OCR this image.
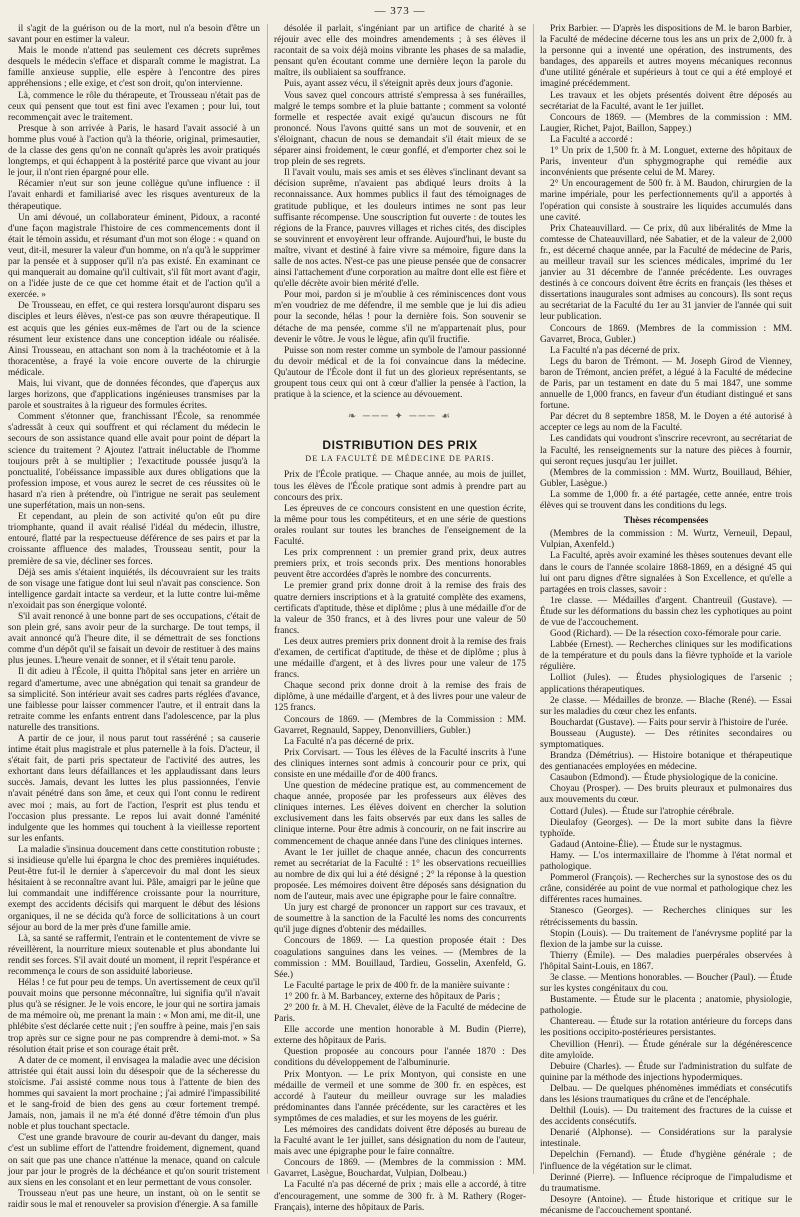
— 373 —

il s'agit de la guérison ou de la mort, nul n'a besoin d'être un savant pour en estimer la valeur.

Mais le monde n'attend pas seulement ces décrets suprêmes desquels le médecin s'efface et disparaît comme le magistrat. La famille anxieuse supplie, elle espère à l'encontre des pires appréhensions ; elle exige, et c'est son droit, qu'on intervienne.

Là, commence le rôle du thérapeute, et Trousseau n'était pas de ceux qui pensent que tout est fini avec l'examen ; pour lui, tout recommençait avec le traitement.

Presque à son arrivée à Paris, le hasard l'avait associé à un homme plus voué à l'action qu'à la théorie, original, primesautier, de la classe des gens qu'on ne connaît qu'après les avoir pratiqués longtemps, et qui échappent à la postérité parce que vivant au jour le jour, il n'ont rien épargné pour elle.

Récamier n'eut sur son jeune collègue qu'une influence : il l'avait enhardi et familiarisé avec les risques aventureux de la thérapeutique.

Un ami dévoué, un collaborateur éminent, Pidoux, a raconté d'une façon magistrale l'histoire de ces commencements dont il était le témoin assidu, et résumant d'un mot son éloge : « quand on veut, dit-il, mesurer la valeur d'un homme, on n'a qu'à le supprimer par la pensée et à supposer qu'il n'a pas existé. En examinant ce qui manquerait au domaine qu'il cultivait, s'il fût mort avant d'agir, on a l'idée juste de ce que cet homme était et de l'action qu'il a exercée. »

De Trousseau, en effet, ce qui restera lorsqu'auront disparu ses disciples et leurs élèves, n'est-ce pas son œuvre thérapeutique. Il est acquis que les génies eux-mêmes de l'art ou de la science résument leur existence dans une conception idéale ou réalisée. Ainsi Trousseau, en attachant son nom à la trachéotomie et à la thoracentèse, a frayé la voie encore ouverte de la chirurgie médicale.

Mais, lui vivant, que de données fécondes, que d'aperçus aux larges horizons, que d'applications ingénieuses transmises par la parole et soustraites à la rigueur des formules écrites.

Comment s'étonner que, franchissant l'École, sa renommée s'adressât à ceux qui souffrent et qui réclament du médecin le secours de son assistance quand elle avait pour point de départ la science du traitement ? Ajoutez l'attrait inéluctable de l'homme toujours prêt à se multiplier ; l'exactitude poussée jusqu'à la ponctualité, l'obéissance impassible aux dures obligations que la profession impose, et vous aurez le secret de ces réussites où le hasard n'a rien à prétendre, où l'intrigue ne serait pas seulement une superfétation, mais un non-sens.

Et cependant, au plein de son activité qu'on eût pu dire triomphante, quand il avait réalisé l'idéal du médecin, illustre, entouré, flatté par la respectueuse déférence de ses pairs et par la croissante affluence des malades, Trousseau sentit, pour la première de sa vie, décliner ses forces.

Déjà ses amis s'étaient inquiétés, ils découvraient sur les traits de son visage une fatigue dont lui seul n'avait pas conscience. Son intelligence gardait intacte sa verdeur, et la lutte contre lui-même n'exoidait pas son énergique volonté.

S'il avait renoncé à une bonne part de ses occupations, c'était de son plein gré, sans avoir peur de la surcharge. De tout temps, il avait annoncé qu'à l'heure dite, il se démettrait de ses fonctions comme d'un dépôt qu'il se faisait un devoir de restituer à des mains plus jeunes. L'heure venait de sonner, et il s'était tenu parole.

Il dit adieu à l'École, il quitta l'hôpital sans jeter en arrière un regard d'amertume, avec une abnégation qui tenait sa grandeur de sa simplicité. Son intérieur avait ses cadres parts réglées d'avance, une faiblesse pour laisser commencer l'autre, et il entrait dans la retraite comme les enfants entrent dans l'adolescence, par la plus naturelle des transitions.

A partir de ce jour, il nous parut tout rasséréné ; sa causerie intime était plus magistrale et plus paternelle à la fois. D'acteur, il s'était fait, de parti pris spectateur de l'activité des autres, les exhortant dans leurs défaillances et les applaudissant dans leurs succès. Jamais, devant les luttes les plus passionnées, l'envie n'avait pénétré dans son âme, et ceux qui l'ont connu le redirent avec moi ; mais, au fort de l'action, l'esprit est plus tendu et l'occasion plus pressante. Le repos lui avait donné l'aménité indulgente que les hommes qui touchent à la vieillesse reportent sur les enfants.

La maladie s'insinua doucement dans cette constitution robuste ; si insidieuse qu'elle lui épargna le choc des premières inquiétudes. Peut-être fut-il le dernier à s'apercevoir du mal dont les sieux hésitaient à se reconnaître avant lui. Pâle, amaigri par le jeûne que lui commandait une indifférence croissante pour la nourriture, exempt des accidents décisifs qui marquent le début des lésions organiques, il ne se décida qu'à force de sollicitations à un court séjour au bord de la mer près d'une famille amie.

Là, sa santé se raffermit, l'entrain et le contentement de vivre se réveillèrent, la nourriture mieux soutenable et plus abondante lui rendit ses forces. S'il avait douté un moment, il reprit l'espérance et recommença le cours de son assiduité laborieuse.

Hélas ! ce fut pour peu de temps. Un avertissement de ceux qu'il pouvait moins que personne méconnaître, lui signifia qu'il n'avait plus qu'à se résigner. Je le vois encore, le jour qui ne sortira jamais de ma mémoire où, me prenant la main : « Mon ami, me dit-il, une phlébite s'est déclarée cette nuit ; j'en souffre à peine, mais j'en sais trop après sur ce signe pour ne pas comprendre à demi-mot. » Sa résolution était prise et son courage était prêt.

A dater de ce moment, il envisagea la maladie avec une décision attristée qui était aussi loin du désespoir que de la sécheresse du stoïcisme. J'ai assisté comme nous tous à l'attente de bien des hommes qui savaient la mort prochaine ; j'ai admiré l'impassibilité et le sang-froid de bien des gens au cœur fortement trempé. Jamais, non, jamais il ne m'a été donné d'être témoin d'un plus noble et plus touchant spectacle.

C'est une grande bravoure de courir au-devant du danger, mais c'est un sublime effort de l'attendre froidement, dignement, quand on sait que pas une chance n'atténue la menace, quand on calcule jour par jour le progrès de la déchéance et qu'on sourit tristement aux siens en les consolant et en leur permettant de vous consoler.

Trousseau n'eut pas une heure, un instant, où on le sentit se raidir sous le mal et renouveler sa provision d'énergie. A sa famille

désolée il parlait, s'ingéniant par un artifice de charité à se réjouir avec elle des moindres amendements ; à ses élèves il racontait de sa voix déjà moins vibrante les phases de sa maladie, pensant qu'en écoutant comme une dernière leçon la parole du maître, ils oubliaient sa souffrance.

Puis, ayant assez vécu, il s'éteignit après deux jours d'agonie.

Vous savez quel concours attristé s'empressa à ses funérailles, malgré le temps sombre et la pluie battante ; comment sa volonté formelle et respectée avait exigé qu'aucun discours ne fût prononcé. Nous l'avons quitté sans un mot de souvenir, et en s'éloignant, chacun de nous se demandait s'il était mieux de se séparer ainsi froidement, le cœur gonflé, et d'emporter chez soi le trop plein de ses regrets.

Il l'avait voulu, mais ses amis et ses élèves s'inclinant devant sa décision suprême, n'avaient pas abdiqué leurs droits à la reconnaissance. Aux hommes publics il faut des témoignages de gratitude publique, et les douleurs intimes ne sont pas leur suffisante récompense. Une souscription fut ouverte : de toutes les régions de la France, pauvres villages et riches cités, des disciples se souvinrent et envoyèrent leur offrande. Aujourd'hui, le buste du maître, vivant et destiné à faire vivre sa mémoire, figure dans la salle de nos actes. N'est-ce pas une pieuse pensée que de consacrer ainsi l'attachement d'une corporation au maître dont elle est fière et qu'elle décrète avoir bien mérité d'elle.

Pour moi, pardon si je m'oublie à ces réminiscences dont vous m'en voudriez de me défendre, il me semble que je lui dis adieu pour la seconde, hélas ! pour la dernière fois. Son souvenir se détache de ma pensée, comme s'il ne m'appartenait plus, pour devenir le vôtre. Je vous le lègue, afin qu'il fructifie.

Puisse son nom rester comme un symbole de l'amour passionné du devoir médical et de la foi convaincue dans la médecine. Qu'autour de l'École dont il fut un des glorieux représentants, se groupent tous ceux qui ont à cœur d'allier la pensée à l'action, la pratique à la science, et la science au dévouement.

❧ ─── ✦ ─── ☙
DISTRIBUTION DES PRIX
DE LA FACULTÉ DE MÉDECINE DE PARIS.

Prix de l'École pratique. — Chaque année, au mois de juillet, tous les élèves de l'École pratique sont admis à prendre part au concours des prix.

Les épreuves de ce concours consistent en une question écrite, la même pour tous les compétiteurs, et en une série de questions orales roulant sur toutes les branches de l'enseignement de la Faculté.

Les prix comprennent : un premier grand prix, deux autres premiers prix, et trois seconds prix. Des mentions honorables peuvent être accordées d'après le nombre des concurrents.

Le premier grand prix donne droit à la remise des frais des quatre derniers inscriptions et à la gratuité complète des examens, certificats d'aptitude, thèse et diplôme ; plus à une médaille d'or de la valeur de 350 francs, et à des livres pour une valeur de 50 francs.

Les deux autres premiers prix donnent droit à la remise des frais d'examen, de certificat d'aptitude, de thèse et de diplôme ; plus à une médaille d'argent, et à des livres pour une valeur de 175 francs.

Chaque second prix donne droit à la remise des frais de diplôme, à une médaille d'argent, et à des livres pour une valeur de 125 francs.

Concours de 1869. — (Membres de la Commission : MM. Gavarret, Regnauld, Sappey, Denonvilliers, Gubler.)

La Faculté n'a pas décerné de prix.

Prix Corvisart. — Tous les élèves de la Faculté inscrits à l'une des cliniques internes sont admis à concourir pour ce prix, qui consiste en une médaille d'or de 400 francs.

Une question de médecine pratique est, au commencement de chaque année, proposée par les professeurs aux élèves des cliniques internes. Les élèves doivent en chercher la solution exclusivement dans les faits observés par eux dans les salles de clinique interne. Pour être admis à concourir, on ne fait inscrire au commencement de chaque année dans l'une des cliniques internes.

Avant le 1er juillet de chaque année, chacun des concurrents remet au secrétariat de la Faculté : 1° les observations recueillies au nombre de dix qui lui a été désigné ; 2° la réponse à la question proposée. Les mémoires doivent être déposés sans désignation du nom de l'auteur, mais avec une épigraphe pour le faire connaître.

Un jury est chargé de prononcer un rapport sur ces travaux, et de soumettre à la sanction de la Faculté les noms des concurrents qu'il juge dignes d'obtenir des médailles.

Concours de 1869. — La question proposée était : Des coagulations sanguines dans les veines. — (Membres de la commission : MM. Bouillaud, Tardieu, Gosselin, Axenfeld, G. Sée.)

Le Faculté partage le prix de 400 fr. de la manière suivante :

1° 200 fr. à M. Barbancey, externe des hôpitaux de Paris ;

2° 200 fr. à M. H. Chevalet, élève de la Faculté de médecine de Paris.

Elle accorde une mention honorable à M. Budin (Pierre), externe des hôpitaux de Paris.

Question proposée au concours pour l'année 1870 : Des conditions du développement de l'albuminurie.

Prix Montyon. — Le prix Montyon, qui consiste en une médaille de vermeil et une somme de 300 fr. en espèces, est accordé à l'auteur du meilleur ouvrage sur les maladies prédominantes dans l'année précédente, sur les caractères et les symptômes de ces maladies, et sur les moyens de les guérir.

Les mémoires des candidats doivent être déposés au bureau de la Faculté avant le 1er juillet, sans désignation du nom de l'auteur, mais avec une épigraphe pour le faire connaître.

Concours de 1869. — (Membres de la commission : MM. Gavarret, Lasègue, Bouchardat, Vulpian, Dolbeau.)

La Faculté n'a pas décerné de prix ; mais elle a accordé, à titre d'encouragement, une somme de 300 fr. à M. Rathery (Roger-Français), interne des hôpitaux de Paris.

Prix Barbier. — D'après les dispositions de M. le baron Barbier, la Faculté de médecine décerne tous les ans un prix de 2,000 fr. à la personne qui a inventé une opération, des instruments, des bandages, des appareils et autres moyens mécaniques reconnus d'une utilité générale et supérieurs à tout ce qui a été employé et imaginé précédemment.

Les travaux et les objets présentés doivent être déposés au secrétariat de la Faculté, avant le 1er juillet.

Concours de 1869. — (Membres de la commission : MM. Laugier, Richet, Pajot, Baillon, Sappey.)

La Faculté a accordé :

1° Un prix de 1,500 fr. à M. Longuet, externe des hôpitaux de Paris, inventeur d'un sphygmographe qui remédie aux inconvénients que présente celui de M. Marey.

2° Un encouragement de 500 fr. à M. Baudon, chirurgien de la marine impériale, pour les perfectionnements qu'il a apportés à l'opération qui consiste à soustraire les liquides accumulés dans une cavité.

Prix Chateauvillard. — Ce prix, dû aux libéralités de Mme la comtesse de Chateauvillard, née Sabatier, et de la valeur de 2,000 fr., est décerné chaque année, par la Faculté de médecine de Paris, au meilleur travail sur les sciences médicales, imprimé du 1er janvier au 31 décembre de l'année précédente. Les ouvrages destinés à ce concours doivent être écrits en français (les thèses et dissertations inaugurales sont admises au concours). Ils sont reçus au secrétariat de la Faculté du 1er au 31 janvier de l'année qui suit leur publication.

Concours de 1869. (Membres de la commission : MM. Gavarret, Broca, Gubler.)

La Faculté n'a pas décerné de prix.

Legs du baron de Trémont. — M. Joseph Girod de Vienney, baron de Trémont, ancien préfet, a légué à la Faculté de médecine de Paris, par un testament en date du 5 mai 1847, une somme annuelle de 1,000 francs, en faveur d'un étudiant distingué et sans fortune.

Par décret du 8 septembre 1858, M. le Doyen a été autorisé à accepter ce legs au nom de la Faculté.

Les candidats qui voudront s'inscrire recevront, au secrétariat de la Faculté, les renseignements sur la nature des pièces à fournir, qui seront reçues jusqu'au 1er juillet.

(Membres de la commission : MM. Wurtz, Bouillaud, Béhier, Gubler, Lasègue.)

La somme de 1,000 fr. a été partagée, cette année, entre trois élèves qui se trouvent dans les conditions du legs.

Thèses récompensées

(Membres de la commission : M. Wurtz, Verneuil, Depaul, Vulpian, Axenfeld.)

La Faculté, après avoir examiné les thèses soutenues devant elle dans le cours de l'année scolaire 1868-1869, en a désigné 45 qui lui ont paru dignes d'être signalées à Son Excellence, et qu'elle a partagées en trois classes, savoir :

1re classe. — Médailles d'argent. Chantreuil (Gustave). — Étude sur les déformations du bassin chez les cyphotiques au point de vue de l'accouchement.

Good (Richard). — De la résection coxo-fémorale pour carie.

Labbée (Ernest). — Recherches cliniques sur les modifications de la température et du pouls dans la fièvre typhoïde et la variole régulière.

Lolliot (Jules). — Études physiologiques de l'arsenic ; applications thérapeutiques.

2e classe. — Médailles de bronze. — Blache (René). — Essai sur les maladies du cœur chez les enfants.

Bouchardat (Gustave). — Faits pour servir à l'histoire de l'urée.

Bousseau (Auguste). — Des rétinites secondaires ou symptomatiques.

Brandza (Démétrius). — Histoire botanique et thérapeutique des gentianacées employées en médecine.

Casaubon (Edmond). — Étude physiologique de la conicine.

Choyau (Prosper). — Des bruits pleuraux et pulmonaires dus aux mouvements du cœur.

Cottard (Jules). — Étude sur l'atrophie cérébrale.

Dieulafoy (Georges). — De la mort subite dans la fièvre typhoïde.

Gadaud (Antoine-Élie). — Étude sur le nystagmus.

Hamy. — L'os intermaxillaire de l'homme à l'état normal et pathologique.

Pommerol (François). — Recherches sur la synostose des os du crâne, considérée au point de vue normal et pathologique chez les différentes races humaines.

Stanesco (Georges). — Recherches cliniques sur les rétrécissements du bassin.

Stopin (Louis). — Du traitement de l'anévrysme poplité par la flexion de la jambe sur la cuisse.

Thierry (Émile). — Des maladies puerpérales observées à l'hôpital Saint-Louis, en 1867.

3e classe. — Mentions honorables. — Boucher (Paul). — Étude sur les kystes congénitaux du cou.

Bustamente. — Étude sur le placenta ; anatomie, physiologie, pathologie.

Chantereau. — Étude sur la rotation antérieure du forceps dans les positions occipito-postérieures persistantes.

Chevillion (Henri). — Étude générale sur la dégénérescence dite amyloïde.

Debuire (Charles). — Étude sur l'administration du sulfate de quinine par la méthode des injections hypodermiques.

Delbau. — De quelques phénomènes immédiats et consécutifs dans les lésions traumatiques du crâne et de l'encéphale.

Delthil (Louis). — Du traitement des fractures de la cuisse et des accidents consécutifs.

Denarié (Alphonse). — Considérations sur la paralysie intestinale.

Depelchin (Fernand). — Étude d'hygiène générale ; de l'influence de la végétation sur le climat.

Derinné (Pierre). — Influence réciproque de l'impaludisme et du traumatisme.

Desoyre (Antoine). — Étude historique et critique sur le mécanisme de l'accouchement spontané.
